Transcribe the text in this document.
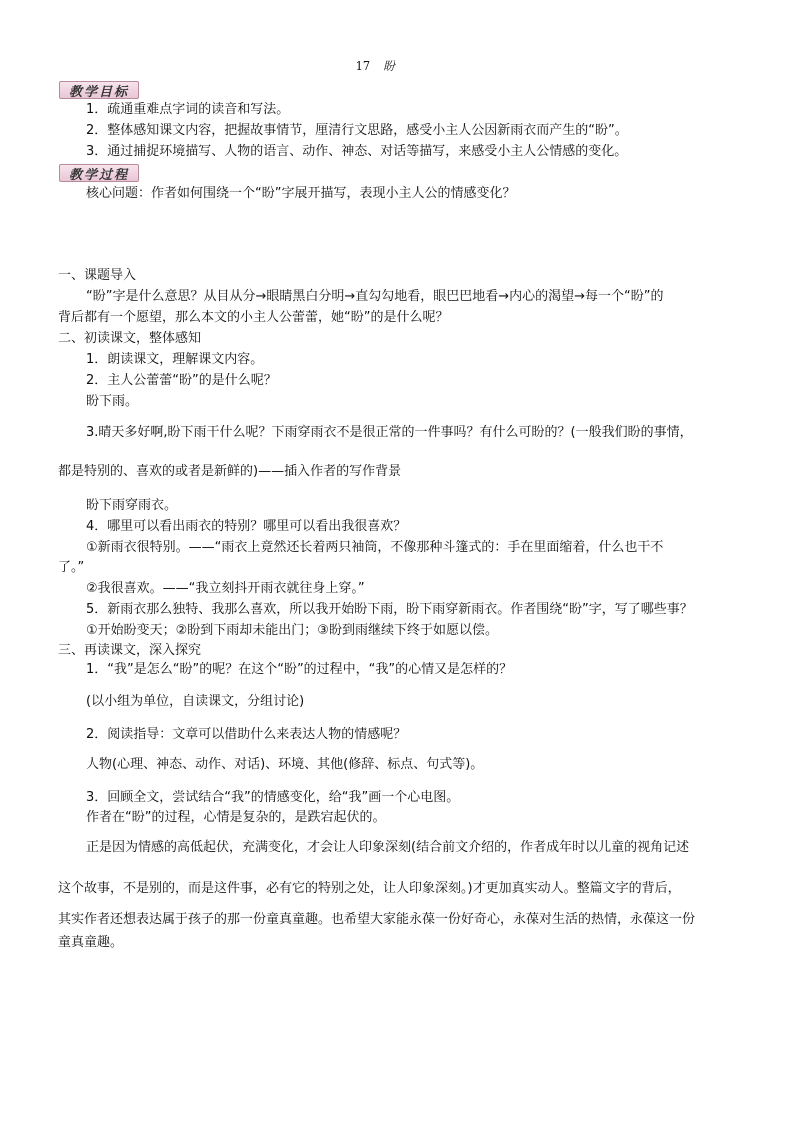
17 盼
教学目标
1．疏通重难点字词的读音和写法。
2．整体感知课文内容，把握故事情节，厘清行文思路，感受小主人公因新雨衣而产生的“盼”。
3．通过捕捉环境描写、人物的语言、动作、神态、对话等描写，来感受小主人公情感的变化。
教学过程
核心问题：作者如何围绕一个“盼”字展开描写，表现小主人公的情感变化？
一、课题导入
“盼”字是什么意思？从目从分→眼睛黑白分明→直勾勾地看，眼巴巴地看→内心的渴望→每一个“盼”的
背后都有一个愿望，那么本文的小主人公蕾蕾，她“盼”的是什么呢？
二、初读课文，整体感知
1．朗读课文，理解课文内容。
2．主人公蕾蕾“盼”的是什么呢？
盼下雨。
3.晴天多好啊,盼下雨干什么呢？下雨穿雨衣不是很正常的一件事吗？有什么可盼的？(一般我们盼的事情，
都是特别的、喜欢的或者是新鲜的)——插入作者的写作背景
盼下雨穿雨衣。
4．哪里可以看出雨衣的特别？哪里可以看出我很喜欢？
①新雨衣很特别。——“雨衣上竟然还长着两只袖筒，不像那种斗篷式的：手在里面缩着，什么也干不
了。”
②我很喜欢。——“我立刻抖开雨衣就往身上穿。”
5．新雨衣那么独特、我那么喜欢，所以我开始盼下雨，盼下雨穿新雨衣。作者围绕“盼”字，写了哪些事？
①开始盼变天；②盼到下雨却未能出门；③盼到雨继续下终于如愿以偿。
三、再读课文，深入探究
1．“我”是怎么“盼”的呢？在这个“盼”的过程中，“我”的心情又是怎样的？
(以小组为单位，自读课文，分组讨论)
2．阅读指导：文章可以借助什么来表达人物的情感呢？
人物(心理、神态、动作、对话)、环境、其他(修辞、标点、句式等)。
3．回顾全文，尝试结合“我”的情感变化，给“我”画一个心电图。
作者在“盼”的过程，心情是复杂的，是跌宕起伏的。
正是因为情感的高低起伏，充满变化，才会让人印象深刻(结合前文介绍的，作者成年时以儿童的视角记述
这个故事，不是别的，而是这件事，必有它的特别之处，让人印象深刻。)才更加真实动人。整篇文字的背后，
其实作者还想表达属于孩子的那一份童真童趣。也希望大家能永葆一份好奇心，永葆对生活的热情，永葆这一份
童真童趣。
